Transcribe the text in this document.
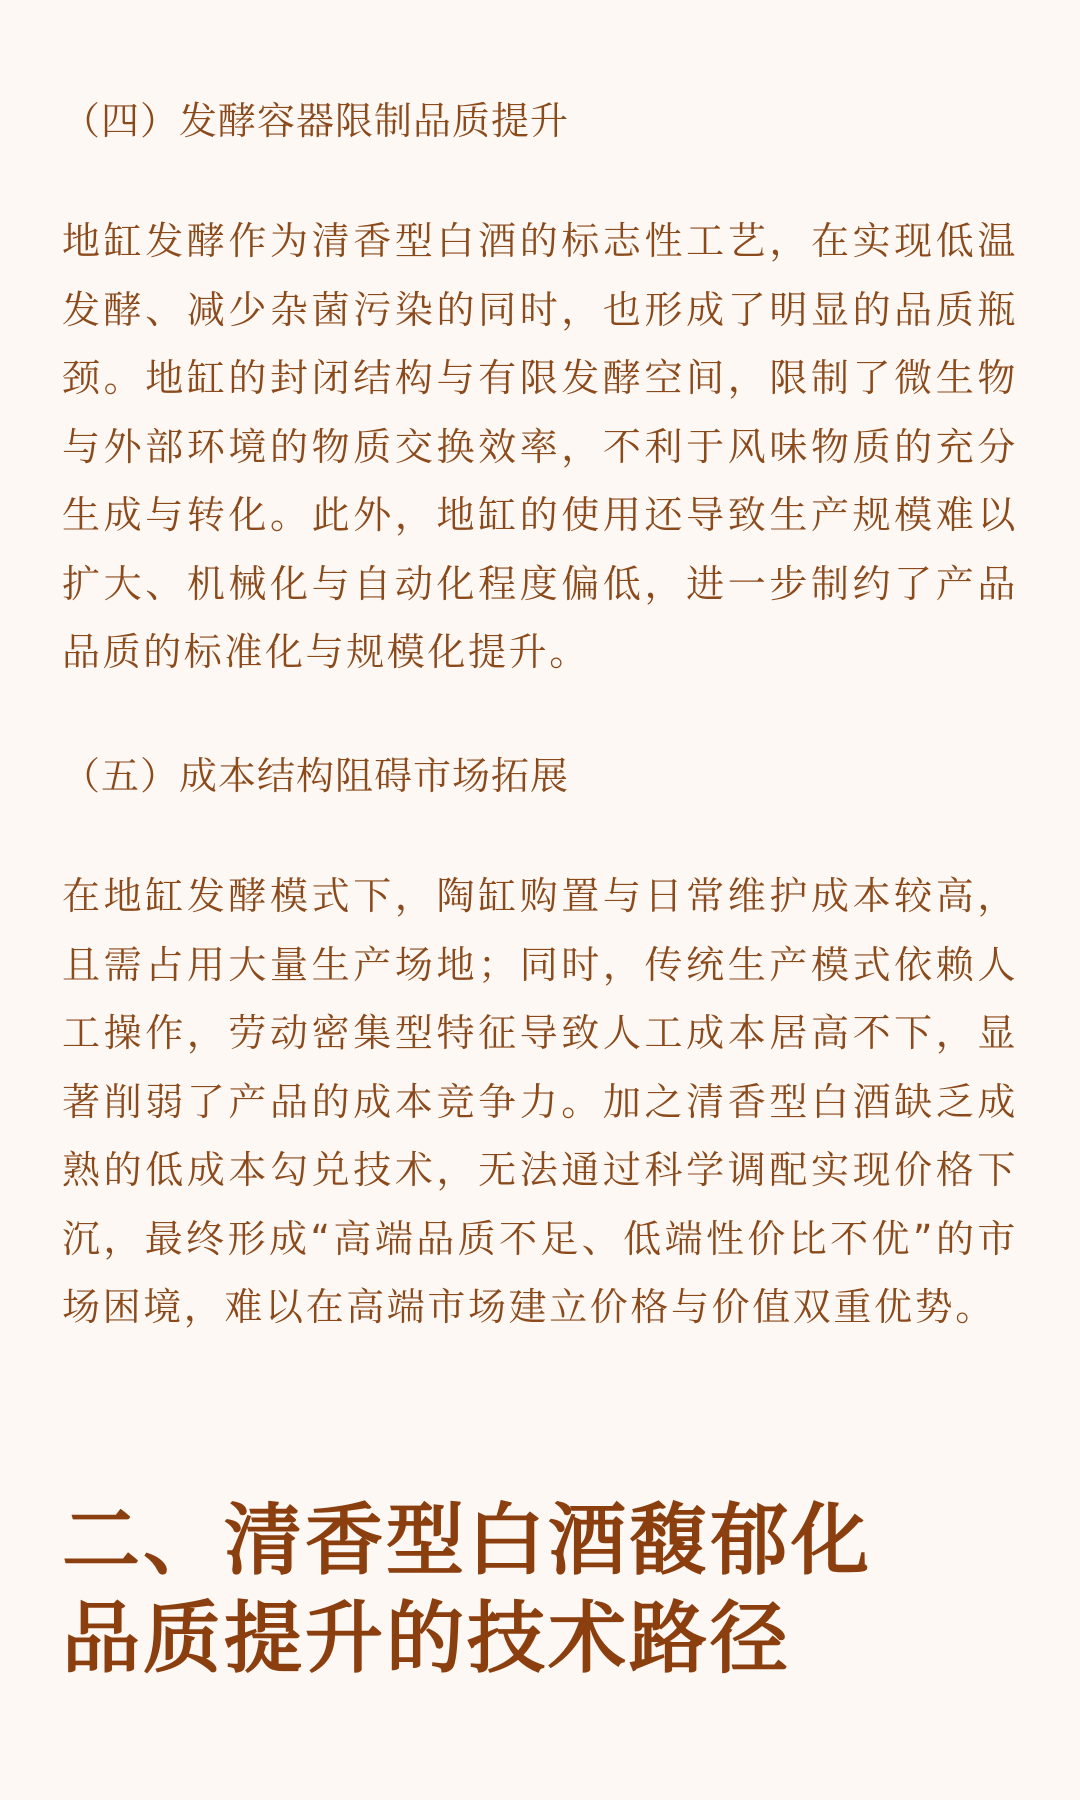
（四）发酵容器限制品质提升

地缸发酵作为清香型白酒的标志性工艺，在实现低温发酵、减少杂菌污染的同时，也形成了明显的品质瓶颈。地缸的封闭结构与有限发酵空间，限制了微生物与外部环境的物质交换效率，不利于风味物质的充分生成与转化。此外，地缸的使用还导致生产规模难以扩大、机械化与自动化程度偏低，进一步制约了产品品质的标准化与规模化提升。

（五）成本结构阻碍市场拓展

在地缸发酵模式下，陶缸购置与日常维护成本较高，且需占用大量生产场地；同时，传统生产模式依赖人工操作，劳动密集型特征导致人工成本居高不下，显著削弱了产品的成本竞争力。加之清香型白酒缺乏成熟的低成本勾兑技术，无法通过科学调配实现价格下沉，最终形成“高端品质不足、低端性价比不优”的市场困境，难以在高端市场建立价格与价值双重优势。

二、清香型白酒馥郁化
品质提升的技术路径
